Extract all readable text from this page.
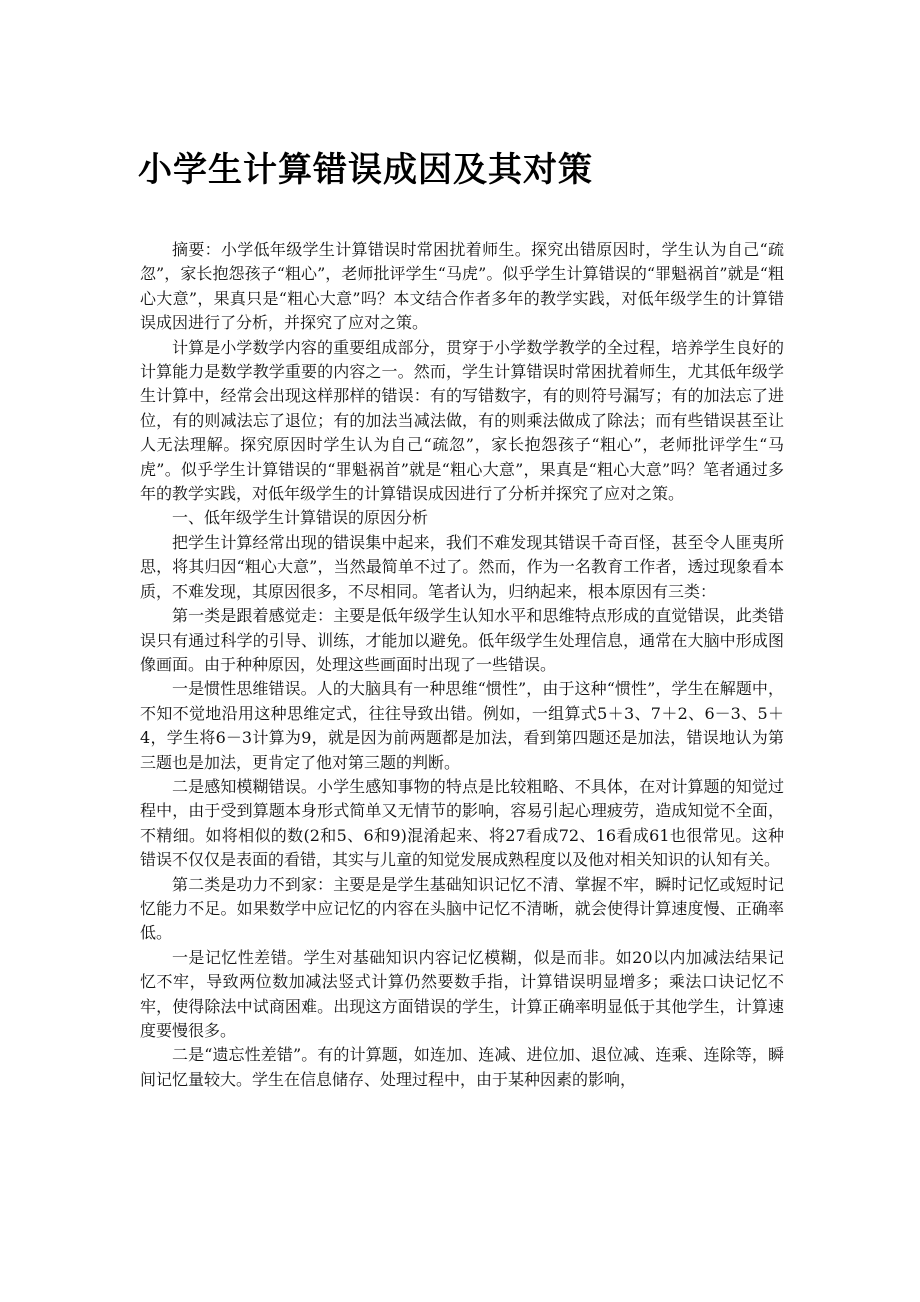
小学生计算错误成因及其对策

摘要：小学低年级学生计算错误时常困扰着师生。探究出错原因时，学生认为自己“疏忽”，家长抱怨孩子“粗心”，老师批评学生“马虎”。似乎学生计算错误的“罪魁祸首”就是“粗心大意”，果真只是“粗心大意”吗？本文结合作者多年的教学实践，对低年级学生的计算错误成因进行了分析，并探究了应对之策。

计算是小学数学内容的重要组成部分，贯穿于小学数学教学的全过程，培养学生良好的计算能力是数学教学重要的内容之一。然而，学生计算错误时常困扰着师生，尤其低年级学生计算中，经常会出现这样那样的错误：有的写错数字，有的则符号漏写；有的加法忘了进位，有的则减法忘了退位；有的加法当减法做，有的则乘法做成了除法；而有些错误甚至让人无法理解。探究原因时学生认为自己“疏忽”，家长抱怨孩子“粗心”，老师批评学生“马虎”。似乎学生计算错误的“罪魁祸首”就是“粗心大意”，果真是“粗心大意”吗？笔者通过多年的教学实践，对低年级学生的计算错误成因进行了分析并探究了应对之策。

一、低年级学生计算错误的原因分析

把学生计算经常出现的错误集中起来，我们不难发现其错误千奇百怪，甚至令人匪夷所思，将其归因“粗心大意”，当然最简单不过了。然而，作为一名教育工作者，透过现象看本质，不难发现，其原因很多，不尽相同。笔者认为，归纳起来，根本原因有三类：

第一类是跟着感觉走：主要是低年级学生认知水平和思维特点形成的直觉错误，此类错误只有通过科学的引导、训练，才能加以避免。低年级学生处理信息，通常在大脑中形成图像画面。由于种种原因，处理这些画面时出现了一些错误。

一是惯性思维错误。人的大脑具有一种思维“惯性”，由于这种“惯性”，学生在解题中，不知不觉地沿用这种思维定式，往往导致出错。例如，一组算式5＋3、7＋2、6－3、5＋4，学生将6－3计算为9，就是因为前两题都是加法，看到第四题还是加法，错误地认为第三题也是加法，更肯定了他对第三题的判断。

二是感知模糊错误。小学生感知事物的特点是比较粗略、不具体，在对计算题的知觉过程中，由于受到算题本身形式简单又无情节的影响，容易引起心理疲劳，造成知觉不全面，不精细。如将相似的数(2和5、6和9)混淆起来、将27看成72、16看成61也很常见。这种错误不仅仅是表面的看错，其实与儿童的知觉发展成熟程度以及他对相关知识的认知有关。

第二类是功力不到家：主要是是学生基础知识记忆不清、掌握不牢，瞬时记忆或短时记忆能力不足。如果数学中应记忆的内容在头脑中记忆不清晰，就会使得计算速度慢、正确率低。

一是记忆性差错。学生对基础知识内容记忆模糊，似是而非。如20以内加减法结果记忆不牢，导致两位数加减法竖式计算仍然要数手指，计算错误明显增多；乘法口诀记忆不牢，使得除法中试商困难。出现这方面错误的学生，计算正确率明显低于其他学生，计算速度要慢很多。

二是“遗忘性差错”。有的计算题，如连加、连减、进位加、退位减、连乘、连除等，瞬间记忆量较大。学生在信息储存、处理过程中，由于某种因素的影响，
